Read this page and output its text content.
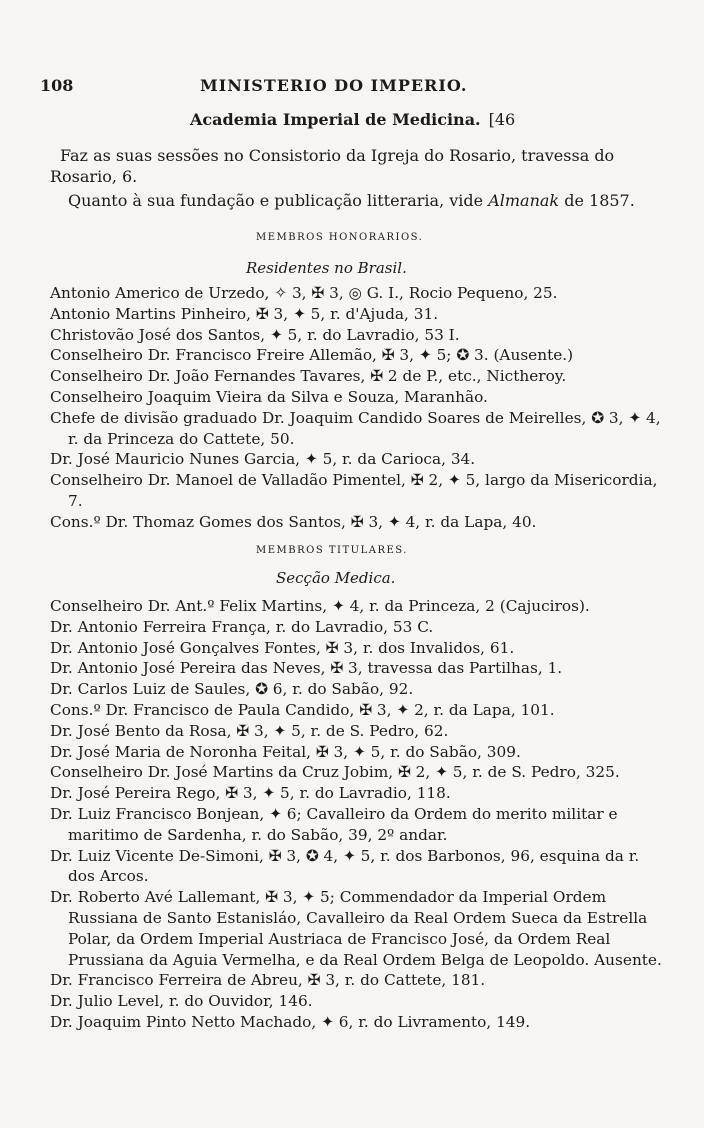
108	MINISTERIO DO IMPERIO.
Academia Imperial de Medicina. [46

Faz as suas sessões no Consistorio da Igreja do Rosario, travessa do Rosario, 6.

Quanto à sua fundação e publicação litteraria, vide Almanak de 1857.

MEMBROS HONORARIOS.
Residentes no Brasil.

Antonio Americo de Urzedo, ✧ 3, ✠ 3, ◎ G. I., Rocio Pequeno, 25.

Antonio Martins Pinheiro, ✠ 3, ✦ 5, r. d'Ajuda, 31.

Christovão José dos Santos, ✦ 5, r. do Lavradio, 53 I.

Conselheiro Dr. Francisco Freire Allemão, ✠ 3, ✦ 5; ✪ 3. (Ausente.)

Conselheiro Dr. João Fernandes Tavares, ✠ 2 de P., etc., Nictheroy.

Conselheiro Joaquim Vieira da Silva e Souza, Maranhão.

Chefe de divisão graduado Dr. Joaquim Candido Soares de Meirelles, ✪ 3, ✦ 4, r. da Princeza do Cattete, 50.

Dr. José Mauricio Nunes Garcia, ✦ 5, r. da Carioca, 34.

Conselheiro Dr. Manoel de Valladão Pimentel, ✠ 2, ✦ 5, largo da Misericordia, 7.

Cons.º Dr. Thomaz Gomes dos Santos, ✠ 3, ✦ 4, r. da Lapa, 40.

MEMBROS TITULARES.
Secção Medica.

Conselheiro Dr. Ant.º Felix Martins, ✦ 4, r. da Princeza, 2 (Cajuciros).

Dr. Antonio Ferreira França, r. do Lavradio, 53 C.

Dr. Antonio José Gonçalves Fontes, ✠ 3, r. dos Invalidos, 61.

Dr. Antonio José Pereira das Neves, ✠ 3, travessa das Partilhas, 1.

Dr. Carlos Luiz de Saules, ✪ 6, r. do Sabão, 92.

Cons.º Dr. Francisco de Paula Candido, ✠ 3, ✦ 2, r. da Lapa, 101.

Dr. José Bento da Rosa, ✠ 3, ✦ 5, r. de S. Pedro, 62.

Dr. José Maria de Noronha Feital, ✠ 3, ✦ 5, r. do Sabão, 309.

Conselheiro Dr. José Martins da Cruz Jobim, ✠ 2, ✦ 5, r. de S. Pedro, 325.

Dr. José Pereira Rego, ✠ 3, ✦ 5, r. do Lavradio, 118.

Dr. Luiz Francisco Bonjean, ✦ 6; Cavalleiro da Ordem do merito militar e maritimo de Sardenha, r. do Sabão, 39, 2º andar.

Dr. Luiz Vicente De-Simoni, ✠ 3, ✪ 4, ✦ 5, r. dos Barbonos, 96, esquina da r. dos Arcos.

Dr. Roberto Avé Lallemant, ✠ 3, ✦ 5; Commendador da Imperial Ordem Russiana de Santo Estanisláo, Cavalleiro da Real Ordem Sueca da Estrella Polar, da Ordem Imperial Austriaca de Francisco José, da Ordem Real Prussiana da Aguia Vermelha, e da Real Ordem Belga de Leopoldo. Ausente.

Dr. Francisco Ferreira de Abreu, ✠ 3, r. do Cattete, 181.

Dr. Julio Level, r. do Ouvidor, 146.

Dr. Joaquim Pinto Netto Machado, ✦ 6, r. do Livramento, 149.
